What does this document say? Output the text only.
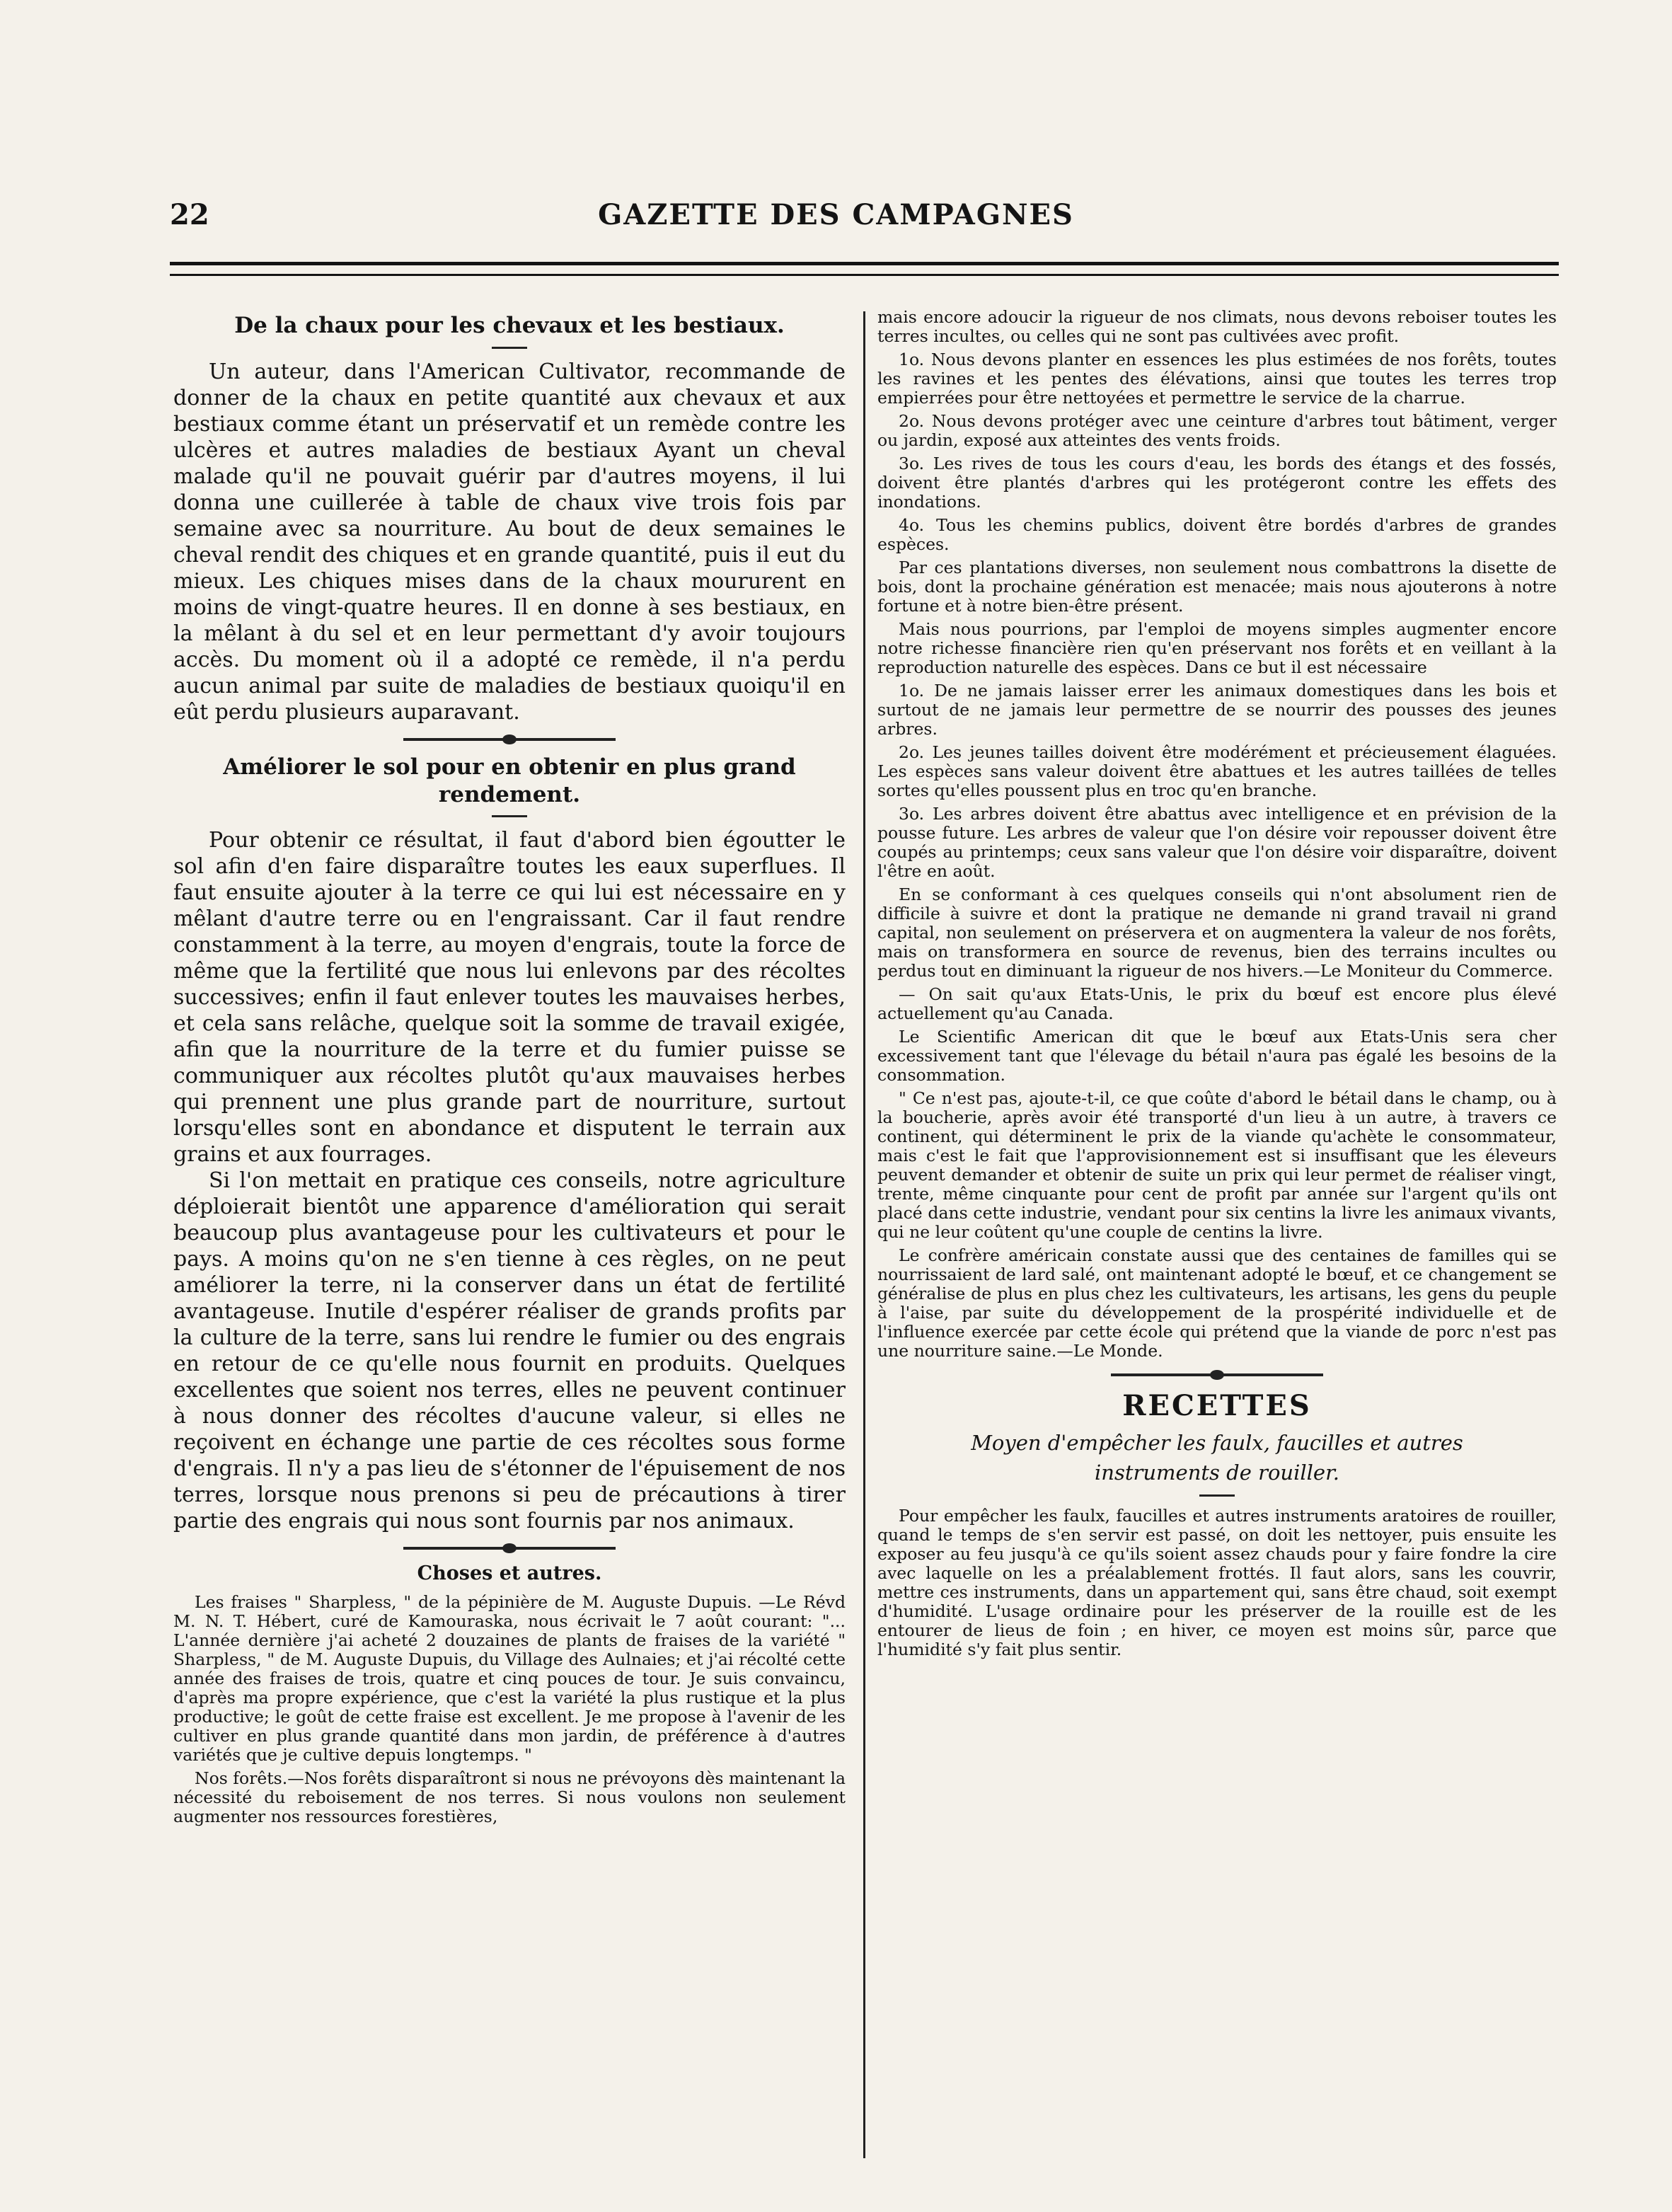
22	GAZETTE DES CAMPAGNES
De la chaux pour les chevaux et les bestiaux.

Un auteur, dans l'American Cultivator, recommande de donner de la chaux en petite quantité aux chevaux et aux bestiaux comme étant un préservatif et un remède contre les ulcères et autres maladies de bestiaux Ayant un cheval malade qu'il ne pouvait guérir par d'autres moyens, il lui donna une cuillerée à table de chaux vive trois fois par semaine avec sa nourriture. Au bout de deux semaines le cheval rendit des chiques et en grande quantité, puis il eut du mieux. Les chiques mises dans de la chaux moururent en moins de vingt-quatre heures. Il en donne à ses bestiaux, en la mêlant à du sel et en leur permettant d'y avoir toujours accès. Du moment où il a adopté ce remède, il n'a perdu aucun animal par suite de maladies de bestiaux quoiqu'il en eût perdu plusieurs auparavant.

Améliorer le sol pour en obtenir en plus grand rendement.

Pour obtenir ce résultat, il faut d'abord bien égoutter le sol afin d'en faire disparaître toutes les eaux superflues. Il faut ensuite ajouter à la terre ce qui lui est nécessaire en y mêlant d'autre terre ou en l'engraissant. Car il faut rendre constamment à la terre, au moyen d'engrais, toute la force de même que la fertilité que nous lui enlevons par des récoltes successives; enfin il faut enlever toutes les mauvaises herbes, et cela sans relâche, quelque soit la somme de travail exigée, afin que la nourriture de la terre et du fumier puisse se communiquer aux récoltes plutôt qu'aux mauvaises herbes qui prennent une plus grande part de nourriture, surtout lorsqu'elles sont en abondance et disputent le terrain aux grains et aux fourrages.

Si l'on mettait en pratique ces conseils, notre agriculture déploierait bientôt une apparence d'amélioration qui serait beaucoup plus avantageuse pour les cultivateurs et pour le pays. A moins qu'on ne s'en tienne à ces règles, on ne peut améliorer la terre, ni la conserver dans un état de fertilité avantageuse. Inutile d'espérer réaliser de grands profits par la culture de la terre, sans lui rendre le fumier ou des engrais en retour de ce qu'elle nous fournit en produits. Quelques excellentes que soient nos terres, elles ne peuvent continuer à nous donner des récoltes d'aucune valeur, si elles ne reçoivent en échange une partie de ces récoltes sous forme d'engrais. Il n'y a pas lieu de s'étonner de l'épuisement de nos terres, lorsque nous prenons si peu de précautions à tirer partie des engrais qui nous sont fournis par nos animaux.

Choses et autres.

Les fraises " Sharpless, " de la pépinière de M. Auguste Dupuis. —Le Révd M. N. T. Hébert, curé de Kamouraska, nous écrivait le 7 août courant: "... L'année dernière j'ai acheté 2 douzaines de plants de fraises de la variété " Sharpless, " de M. Auguste Dupuis, du Village des Aulnaies; et j'ai récolté cette année des fraises de trois, quatre et cinq pouces de tour. Je suis convaincu, d'après ma propre expérience, que c'est la variété la plus rustique et la plus productive; le goût de cette fraise est excellent. Je me propose à l'avenir de les cultiver en plus grande quantité dans mon jardin, de préférence à d'autres variétés que je cultive depuis longtemps. "

Nos forêts.—Nos forêts disparaîtront si nous ne prévoyons dès maintenant la nécessité du reboisement de nos terres. Si nous voulons non seulement augmenter nos ressources forestières,

mais encore adoucir la rigueur de nos climats, nous devons reboiser toutes les terres incultes, ou celles qui ne sont pas cultivées avec profit.

1o. Nous devons planter en essences les plus estimées de nos forêts, toutes les ravines et les pentes des élévations, ainsi que toutes les terres trop empierrées pour être nettoyées et permettre le service de la charrue.

2o. Nous devons protéger avec une ceinture d'arbres tout bâtiment, verger ou jardin, exposé aux atteintes des vents froids.

3o. Les rives de tous les cours d'eau, les bords des étangs et des fossés, doivent être plantés d'arbres qui les protégeront contre les effets des inondations.

4o. Tous les chemins publics, doivent être bordés d'arbres de grandes espèces.

Par ces plantations diverses, non seulement nous combattrons la disette de bois, dont la prochaine génération est menacée; mais nous ajouterons à notre fortune et à notre bien-être présent.

Mais nous pourrions, par l'emploi de moyens simples augmenter encore notre richesse financière rien qu'en préservant nos forêts et en veillant à la reproduction naturelle des espèces. Dans ce but il est nécessaire

1o. De ne jamais laisser errer les animaux domestiques dans les bois et surtout de ne jamais leur permettre de se nourrir des pousses des jeunes arbres.

2o. Les jeunes tailles doivent être modérément et précieusement élaguées. Les espèces sans valeur doivent être abattues et les autres taillées de telles sortes qu'elles poussent plus en troc qu'en branche.

3o. Les arbres doivent être abattus avec intelligence et en prévision de la pousse future. Les arbres de valeur que l'on désire voir repousser doivent être coupés au printemps; ceux sans valeur que l'on désire voir disparaître, doivent l'être en août.

En se conformant à ces quelques conseils qui n'ont absolument rien de difficile à suivre et dont la pratique ne demande ni grand travail ni grand capital, non seulement on préservera et on augmentera la valeur de nos forêts, mais on transformera en source de revenus, bien des terrains incultes ou perdus tout en diminuant la rigueur de nos hivers.—Le Moniteur du Commerce.

— On sait qu'aux Etats-Unis, le prix du bœuf est encore plus élevé actuellement qu'au Canada.

Le Scientific American dit que le bœuf aux Etats-Unis sera cher excessivement tant que l'élevage du bétail n'aura pas égalé les besoins de la consommation.

" Ce n'est pas, ajoute-t-il, ce que coûte d'abord le bétail dans le champ, ou à la boucherie, après avoir été transporté d'un lieu à un autre, à travers ce continent, qui déterminent le prix de la viande qu'achète le consommateur, mais c'est le fait que l'approvisionnement est si insuffisant que les éleveurs peuvent demander et obtenir de suite un prix qui leur permet de réaliser vingt, trente, même cinquante pour cent de profit par année sur l'argent qu'ils ont placé dans cette industrie, vendant pour six centins la livre les animaux vivants, qui ne leur coûtent qu'une couple de centins la livre.

Le confrère américain constate aussi que des centaines de familles qui se nourrissaient de lard salé, ont maintenant adopté le bœuf, et ce changement se généralise de plus en plus chez les cultivateurs, les artisans, les gens du peuple à l'aise, par suite du développement de la prospérité individuelle et de l'influence exercée par cette école qui prétend que la viande de porc n'est pas une nourriture saine.—Le Monde.

RECETTES
Moyen d'empêcher les faulx, faucilles et autres
instruments de rouiller.

Pour empêcher les faulx, faucilles et autres instruments aratoires de rouiller, quand le temps de s'en servir est passé, on doit les nettoyer, puis ensuite les exposer au feu jusqu'à ce qu'ils soient assez chauds pour y faire fondre la cire avec laquelle on les a préalablement frottés. Il faut alors, sans les couvrir, mettre ces instruments, dans un appartement qui, sans être chaud, soit exempt d'humidité. L'usage ordinaire pour les préserver de la rouille est de les entourer de lieus de foin ; en hiver, ce moyen est moins sûr, parce que l'humidité s'y fait plus sentir.
